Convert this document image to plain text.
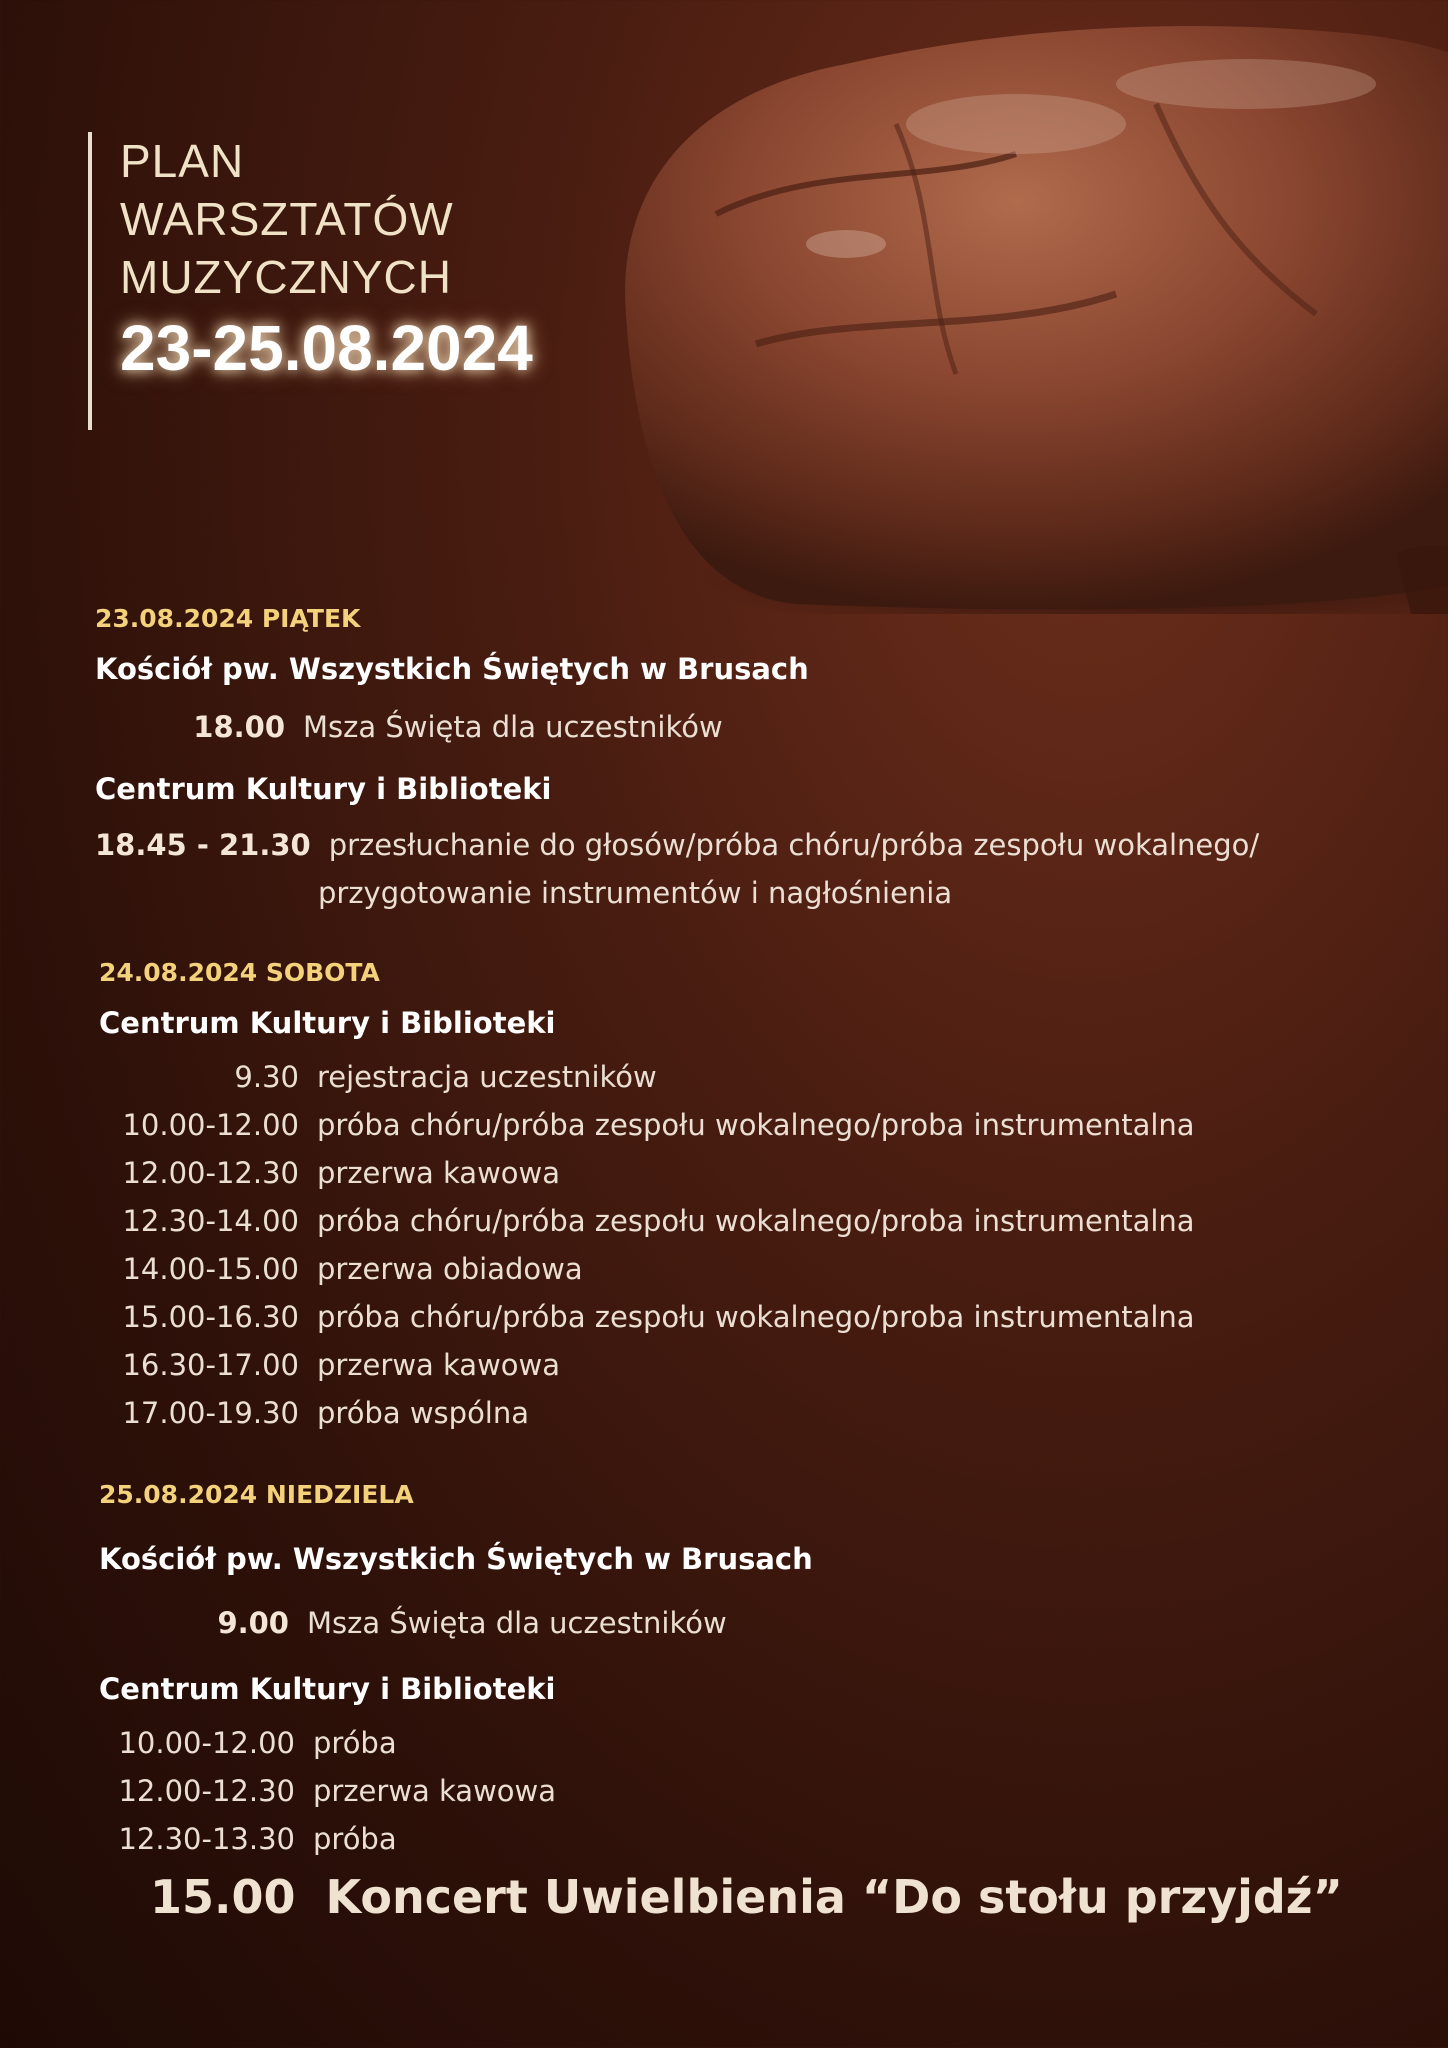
PLAN
WARSZTATÓW
MUZYCZNYCH
23-25.08.2024
23.08.2024 PIĄTEK
Kościół pw. Wszystkich Świętych w Brusach
18.00 Msza Święta dla uczestników
Centrum Kultury i Biblioteki
18.45 - 21.30 przesłuchanie do głosów/próba chóru/próba zespołu wokalnego/
przygotowanie instrumentów i nagłośnienia
24.08.2024 SOBOTA
Centrum Kultury i Biblioteki
9.30 rejestracja uczestników
10.00-12.00 próba chóru/próba zespołu wokalnego/proba instrumentalna
12.00-12.30 przerwa kawowa
12.30-14.00 próba chóru/próba zespołu wokalnego/proba instrumentalna
14.00-15.00 przerwa obiadowa
15.00-16.30 próba chóru/próba zespołu wokalnego/proba instrumentalna
16.30-17.00 przerwa kawowa
17.00-19.30 próba wspólna
25.08.2024 NIEDZIELA
Kościół pw. Wszystkich Świętych w Brusach
9.00 Msza Święta dla uczestników
Centrum Kultury i Biblioteki
10.00-12.00 próba
12.00-12.30 przerwa kawowa
12.30-13.30 próba
15.00 Koncert Uwielbienia “Do stołu przyjdź”
